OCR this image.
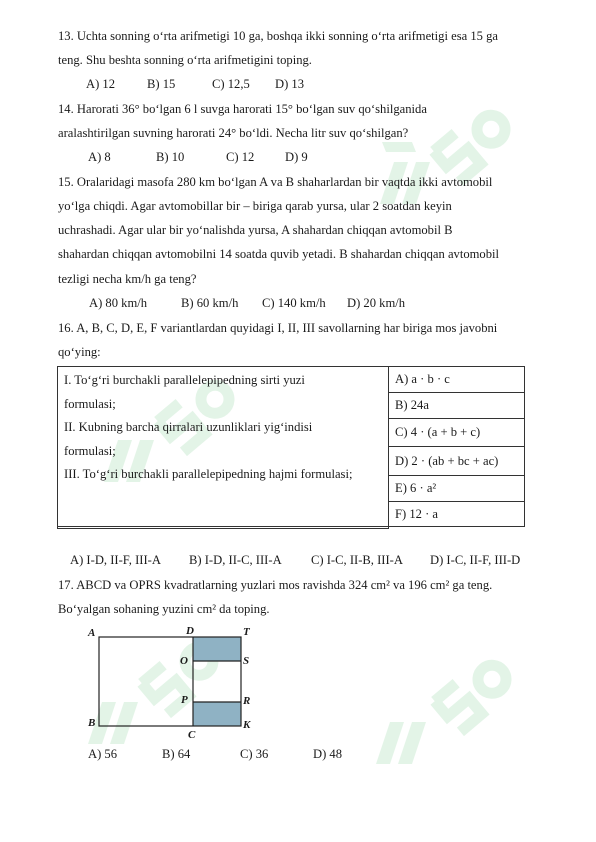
13. Uchta sonning o‘rta arifmetigi 10 ga, boshqa ikki sonning o‘rta arifmetigi esa 15 ga
teng. Shu beshta sonning o‘rta arifmetigini toping.
A) 12	B) 15	C) 12,5 D) 13
14. Harorati 36° bo‘lgan 6 l suvga harorati 15° bo‘lgan suv qo‘shilganida
aralashtirilgan suvning harorati 24° bo‘ldi. Necha litr suv qo‘shilgan?
A) 8	B) 10	C) 12 D) 9
15. Oralaridagi masofa 280 km bo‘lgan A va B shaharlardan bir vaqtda ikki avtomobil
yo‘lga chiqdi. Agar avtomobillar bir – biriga qarab yursa, ular 2 soatdan keyin
uchrashadi. Agar ular bir yo‘nalishda yursa, A shahardan chiqqan avtomobil B
shahardan chiqqan avtomobilni 14 soatda quvib yetadi. B shahardan chiqqan avtomobil
tezligi necha km/h ga teng?
A) 80 km/h	B) 60 km/h C) 140 km/h D) 20 km/h
16. A, B, C, D, E, F variantlardan quyidagi I, II, III savollarning har biriga mos javobni
qo‘ying:
I. To‘g‘ri burchakli parallelepipedning sirti yuzi
formulasi;
II. Kubning barcha qirralari uzunliklari yig‘indisi
formulasi;
III. To‘g‘ri burchakli parallelepipedning hajmi formulasi;
	A) a · b · c
B) 24a
C) 4 · (a + b + c)
D) 2 · (ab + bc + ac)
E) 6 · a²
F) 12 · a

A) I-D, II-F, III-A B) I-D, II-C, III-A C) I-C, II-B, III-A D) I-C, II-F, III-D
17. ABCD va OPRS kvadratlarning yuzlari mos ravishda 324 cm² va 196 cm² ga teng.
Bo‘yalgan sohaning yuzini cm² da toping.
A	D	T
O	S
P	R
B
C
K
A) 56	B) 64	C) 36	D) 48
